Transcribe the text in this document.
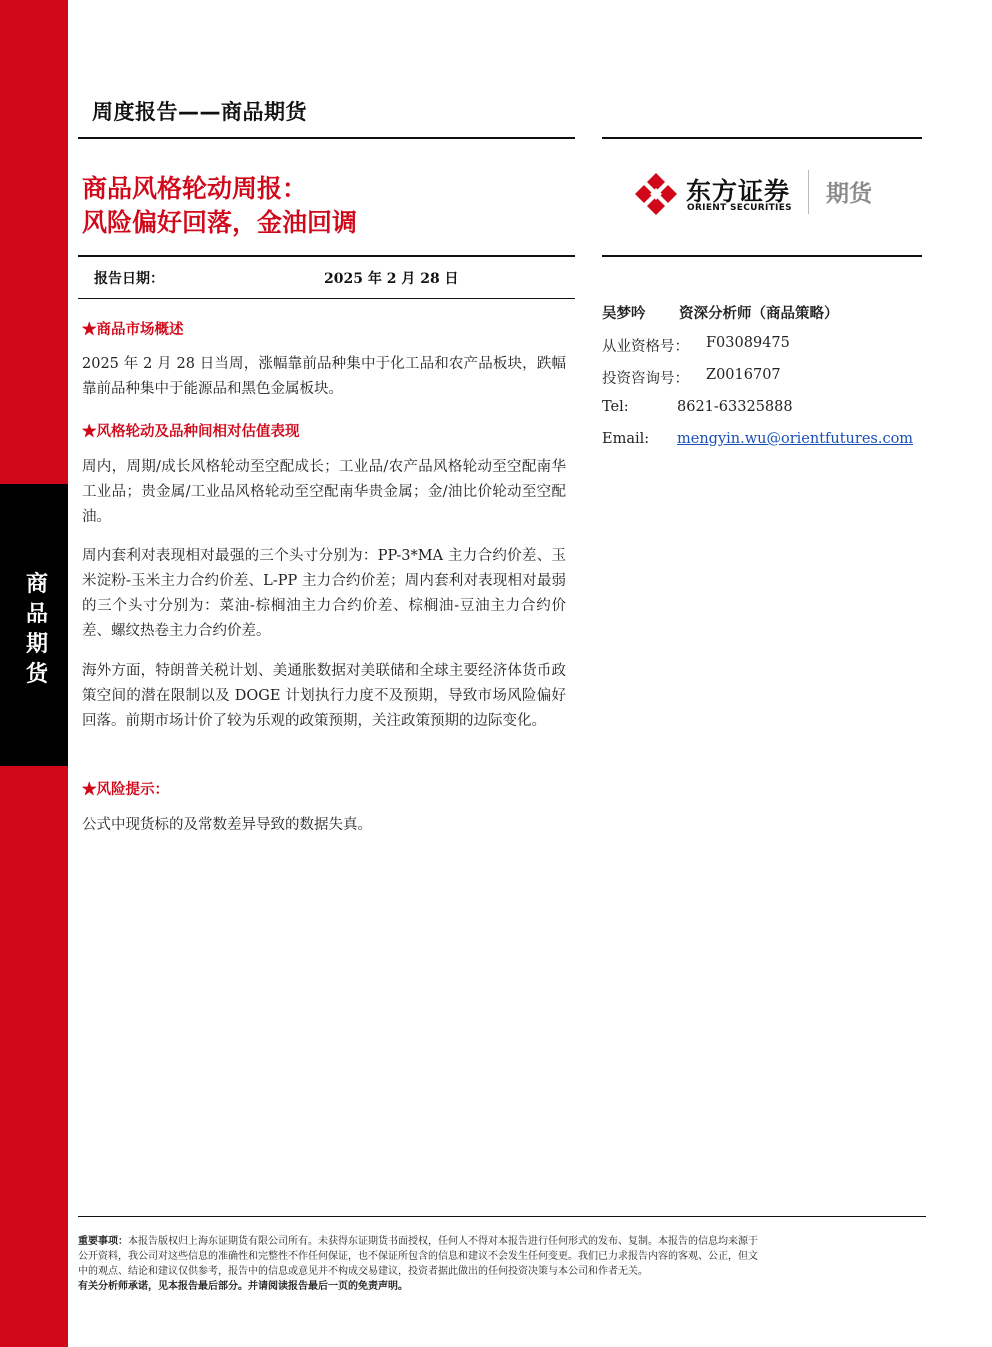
商
品
期
货
周度报告——商品期货
商品风格轮动周报：
风险偏好回落，金油回调
东方证券
ORIENT SECURITIES
期货
报告日期：	2025 年 2 月 28 日
★商品市场概述
2025 年 2 月 28 日当周，涨幅靠前品种集中于化工品和农产品板块，跌幅靠前品种集中于能源品和黑色金属板块。
★风格轮动及品种间相对估值表现
周内，周期/成长风格轮动至空配成长；工业品/农产品风格轮动至空配南华工业品；贵金属/工业品风格轮动至空配南华贵金属；金/油比价轮动至空配油。
周内套利对表现相对最强的三个头寸分别为：PP-3*MA 主力合约价差、玉米淀粉-玉米主力合约价差、L-PP 主力合约价差；周内套利对表现相对最弱的三个头寸分别为：菜油-棕榈油主力合约价差、棕榈油-豆油主力合约价差、螺纹热卷主力合约价差。
海外方面，特朗普关税计划、美通胀数据对美联储和全球主要经济体货币政策空间的潜在限制以及 DOGE 计划执行力度不及预期，导致市场风险偏好回落。前期市场计价了较为乐观的政策预期，关注政策预期的边际变化。
★风险提示：
公式中现货标的及常数差异导致的数据失真。
吴梦吟 资深分析师（商品策略）
从业资格号： F03089475
投资咨询号： Z0016707
Tel:	8621-63325888
Email: mengyin.wu@orientfutures.com
重要事项：本报告版权归上海东证期货有限公司所有。未获得东证期货书面授权，任何人不得对本报告进行任何形式的发布、复制。本报告的信息均来源于
公开资料，我公司对这些信息的准确性和完整性不作任何保证，也不保证所包含的信息和建议不会发生任何变更。我们已力求报告内容的客观、公正，但文
中的观点、结论和建议仅供参考，报告中的信息或意见并不构成交易建议，投资者据此做出的任何投资决策与本公司和作者无关。
有关分析师承诺，见本报告最后部分。并请阅读报告最后一页的免责声明。
